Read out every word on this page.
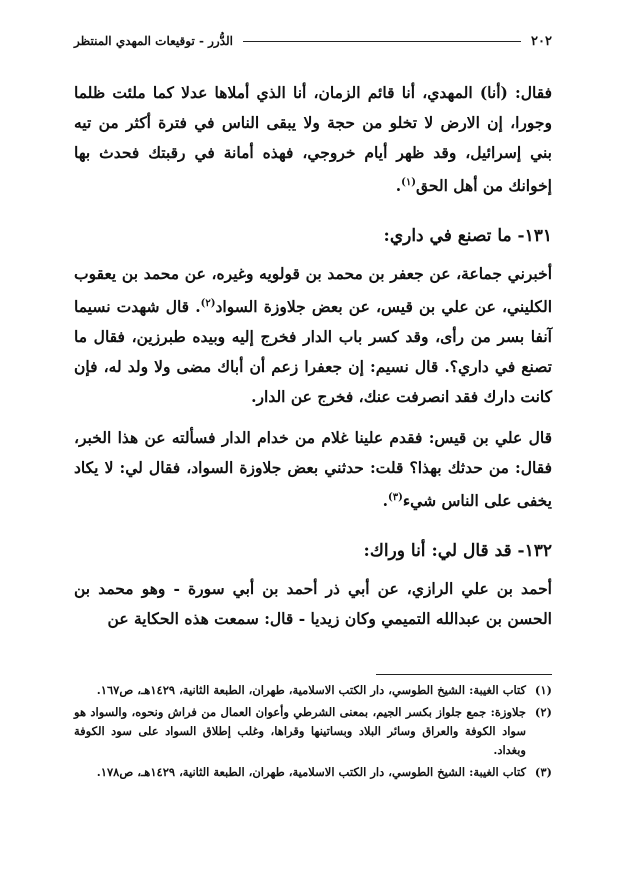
٢٠٢
الدُّرر - توقيعات المهدي المنتظر

فقال: (أنا) المهدي، أنا قائم الزمان، أنا الذي أملاها عدلا كما ملئت ظلما وجورا، إن الارض لا تخلو من حجة ولا يبقى الناس في فترة أكثر من تيه بني إسرائيل، وقد ظهر أيام خروجي، فهذه أمانة في رقبتك فحدث بها إخوانك من أهل الحق$^{(١)}$.

١٣١- ما تصنع في داري:

أخبرني جماعة، عن جعفر بن محمد بن قولويه وغيره، عن محمد بن يعقوب الكليني، عن علي بن قيس، عن بعض جلاوزة السواد$^{(٢)}$. قال شهدت نسيما آنفا بسر من رأى، وقد كسر باب الدار فخرج إليه وبيده طبرزين، فقال ما تصنع في داري؟. قال نسيم: إن جعفرا زعم أن أباك مضى ولا ولد له، فإن كانت دارك فقد انصرفت عنك، فخرج عن الدار.

قال علي بن قيس: فقدم علينا غلام من خدام الدار فسألته عن هذا الخبر، فقال: من حدثك بهذا؟ قلت: حدثني بعض جلاوزة السواد، فقال لي: لا يكاد يخفى على الناس شيء$^{(٣)}$.

١٣٢- قد قال لي: أنا وراك:

أحمد بن علي الرازي، عن أبي ذر أحمد بن أبي سورة - وهو محمد بن الحسن بن عبدالله التميمي وكان زيديا - قال: سمعت هذه الحكاية عن

(١)
كتاب الغيبة: الشيخ الطوسي، دار الكتب الاسلامية، طهران، الطبعة الثانية، ١٤٢٩هـ، ص١٦٧.
(٢)
جلاوزة: جمع جلواز بكسر الجيم، بمعنى الشرطي وأعوان العمال من فراش ونحوه، والسواد هو سواد الكوفة والعراق وسائر البلاد وبساتينها وقراها، وغلب إطلاق السواد على سود الكوفة وبغداد.
(٣)
كتاب الغيبة: الشيخ الطوسي، دار الكتب الاسلامية، طهران، الطبعة الثانية، ١٤٢٩هـ، ص١٧٨.
